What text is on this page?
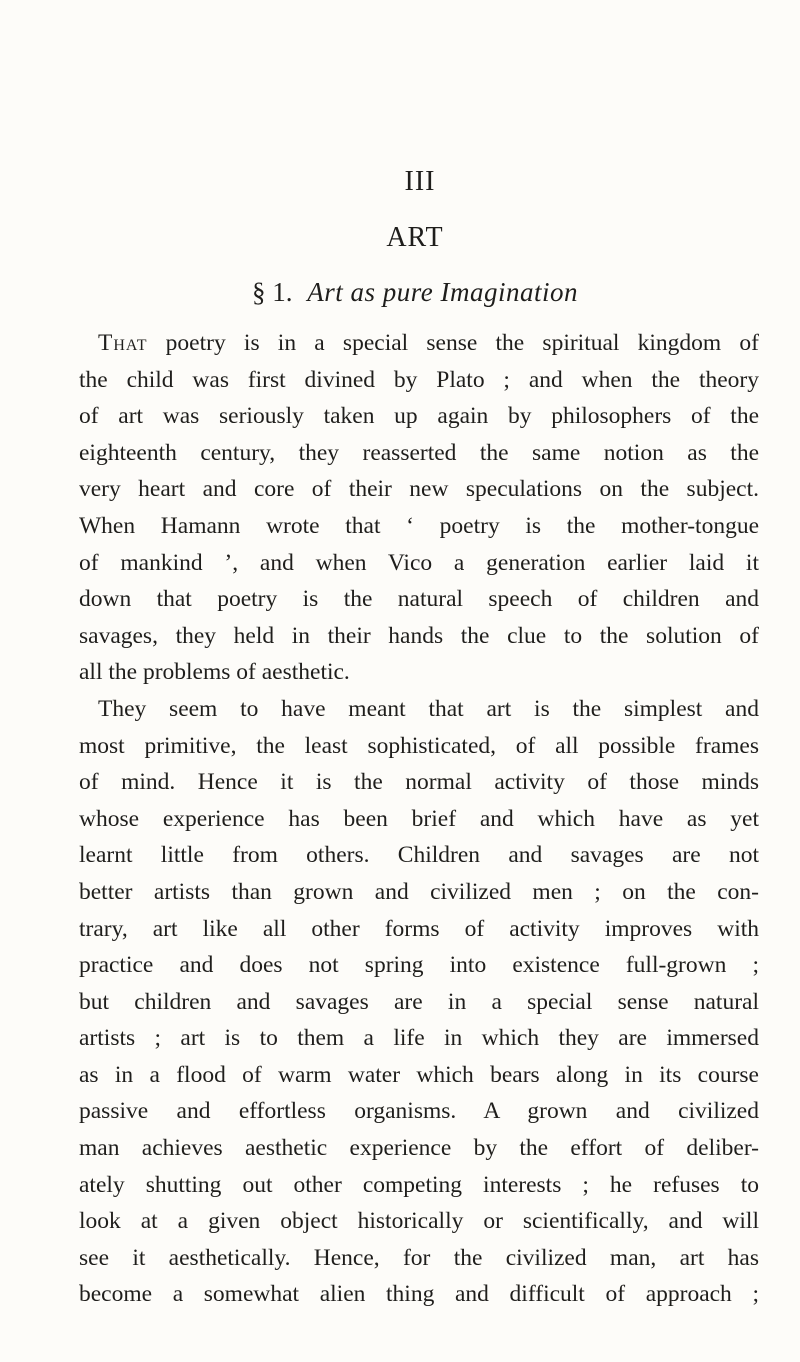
III
ART
§ 1. Art as pure Imagination
That poetry is in a special sense the spiritual kingdom of
the child was first divined by Plato ; and when the theory
of art was seriously taken up again by philosophers of the
eighteenth century, they reasserted the same notion as the
very heart and core of their new speculations on the subject.
When Hamann wrote that ‘ poetry is the mother-tongue
of mankind ’, and when Vico a generation earlier laid it
down that poetry is the natural speech of children and
savages, they held in their hands the clue to the solution of
all the problems of aesthetic.
They seem to have meant that art is the simplest and
most primitive, the least sophisticated, of all possible frames
of mind. Hence it is the normal activity of those minds
whose experience has been brief and which have as yet
learnt little from others. Children and savages are not
better artists than grown and civilized men ; on the con-
trary, art like all other forms of activity improves with
practice and does not spring into existence full-grown ;
but children and savages are in a special sense natural
artists ; art is to them a life in which they are immersed
as in a flood of warm water which bears along in its course
passive and effortless organisms. A grown and civilized
man achieves aesthetic experience by the effort of deliber-
ately shutting out other competing interests ; he refuses to
look at a given object historically or scientifically, and will
see it aesthetically. Hence, for the civilized man, art has
become a somewhat alien thing and difficult of approach ;
